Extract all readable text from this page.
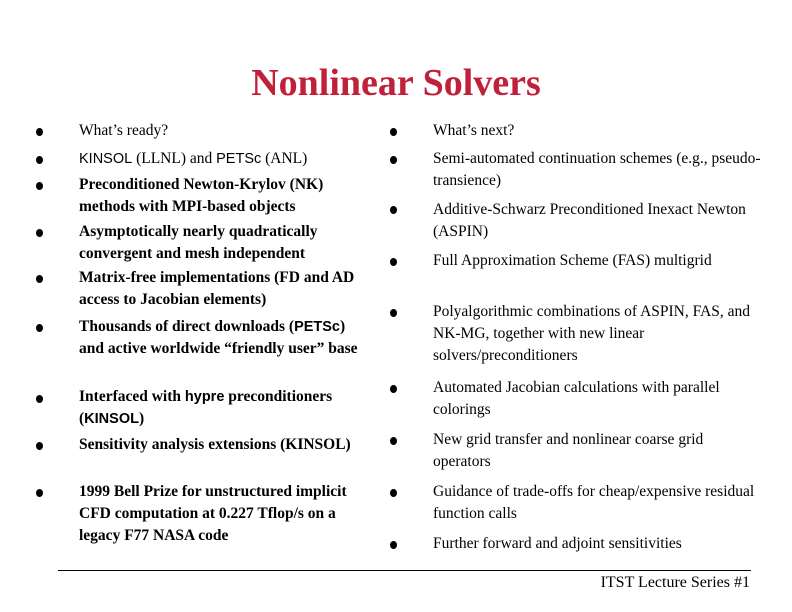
Nonlinear Solvers
What’s ready?
KINSOL (LLNL) and PETSc (ANL)
Preconditioned Newton-Krylov (NK) methods with MPI-based objects
Asymptotically nearly quadratically convergent and mesh independent
Matrix-free implementations (FD and AD access to Jacobian elements)
Thousands of direct downloads (PETSc) and active worldwide “friendly user” base
Interfaced with hypre preconditioners (KINSOL)
Sensitivity analysis extensions (KINSOL)
1999 Bell Prize for unstructured implicit CFD computation at 0.227 Tflop/s on a legacy F77 NASA code
What’s next?
Semi-automated continuation schemes (e.g., pseudo-transience)
Additive-Schwarz Preconditioned Inexact Newton (ASPIN)
Full Approximation Scheme (FAS) multigrid
Polyalgorithmic combinations of ASPIN, FAS, and NK-MG, together with new linear solvers/preconditioners
Automated Jacobian calculations with parallel colorings
New grid transfer and nonlinear coarse grid operators
Guidance of trade-offs for cheap/expensive residual function calls
Further forward and adjoint sensitivities
ITST Lecture Series #1
